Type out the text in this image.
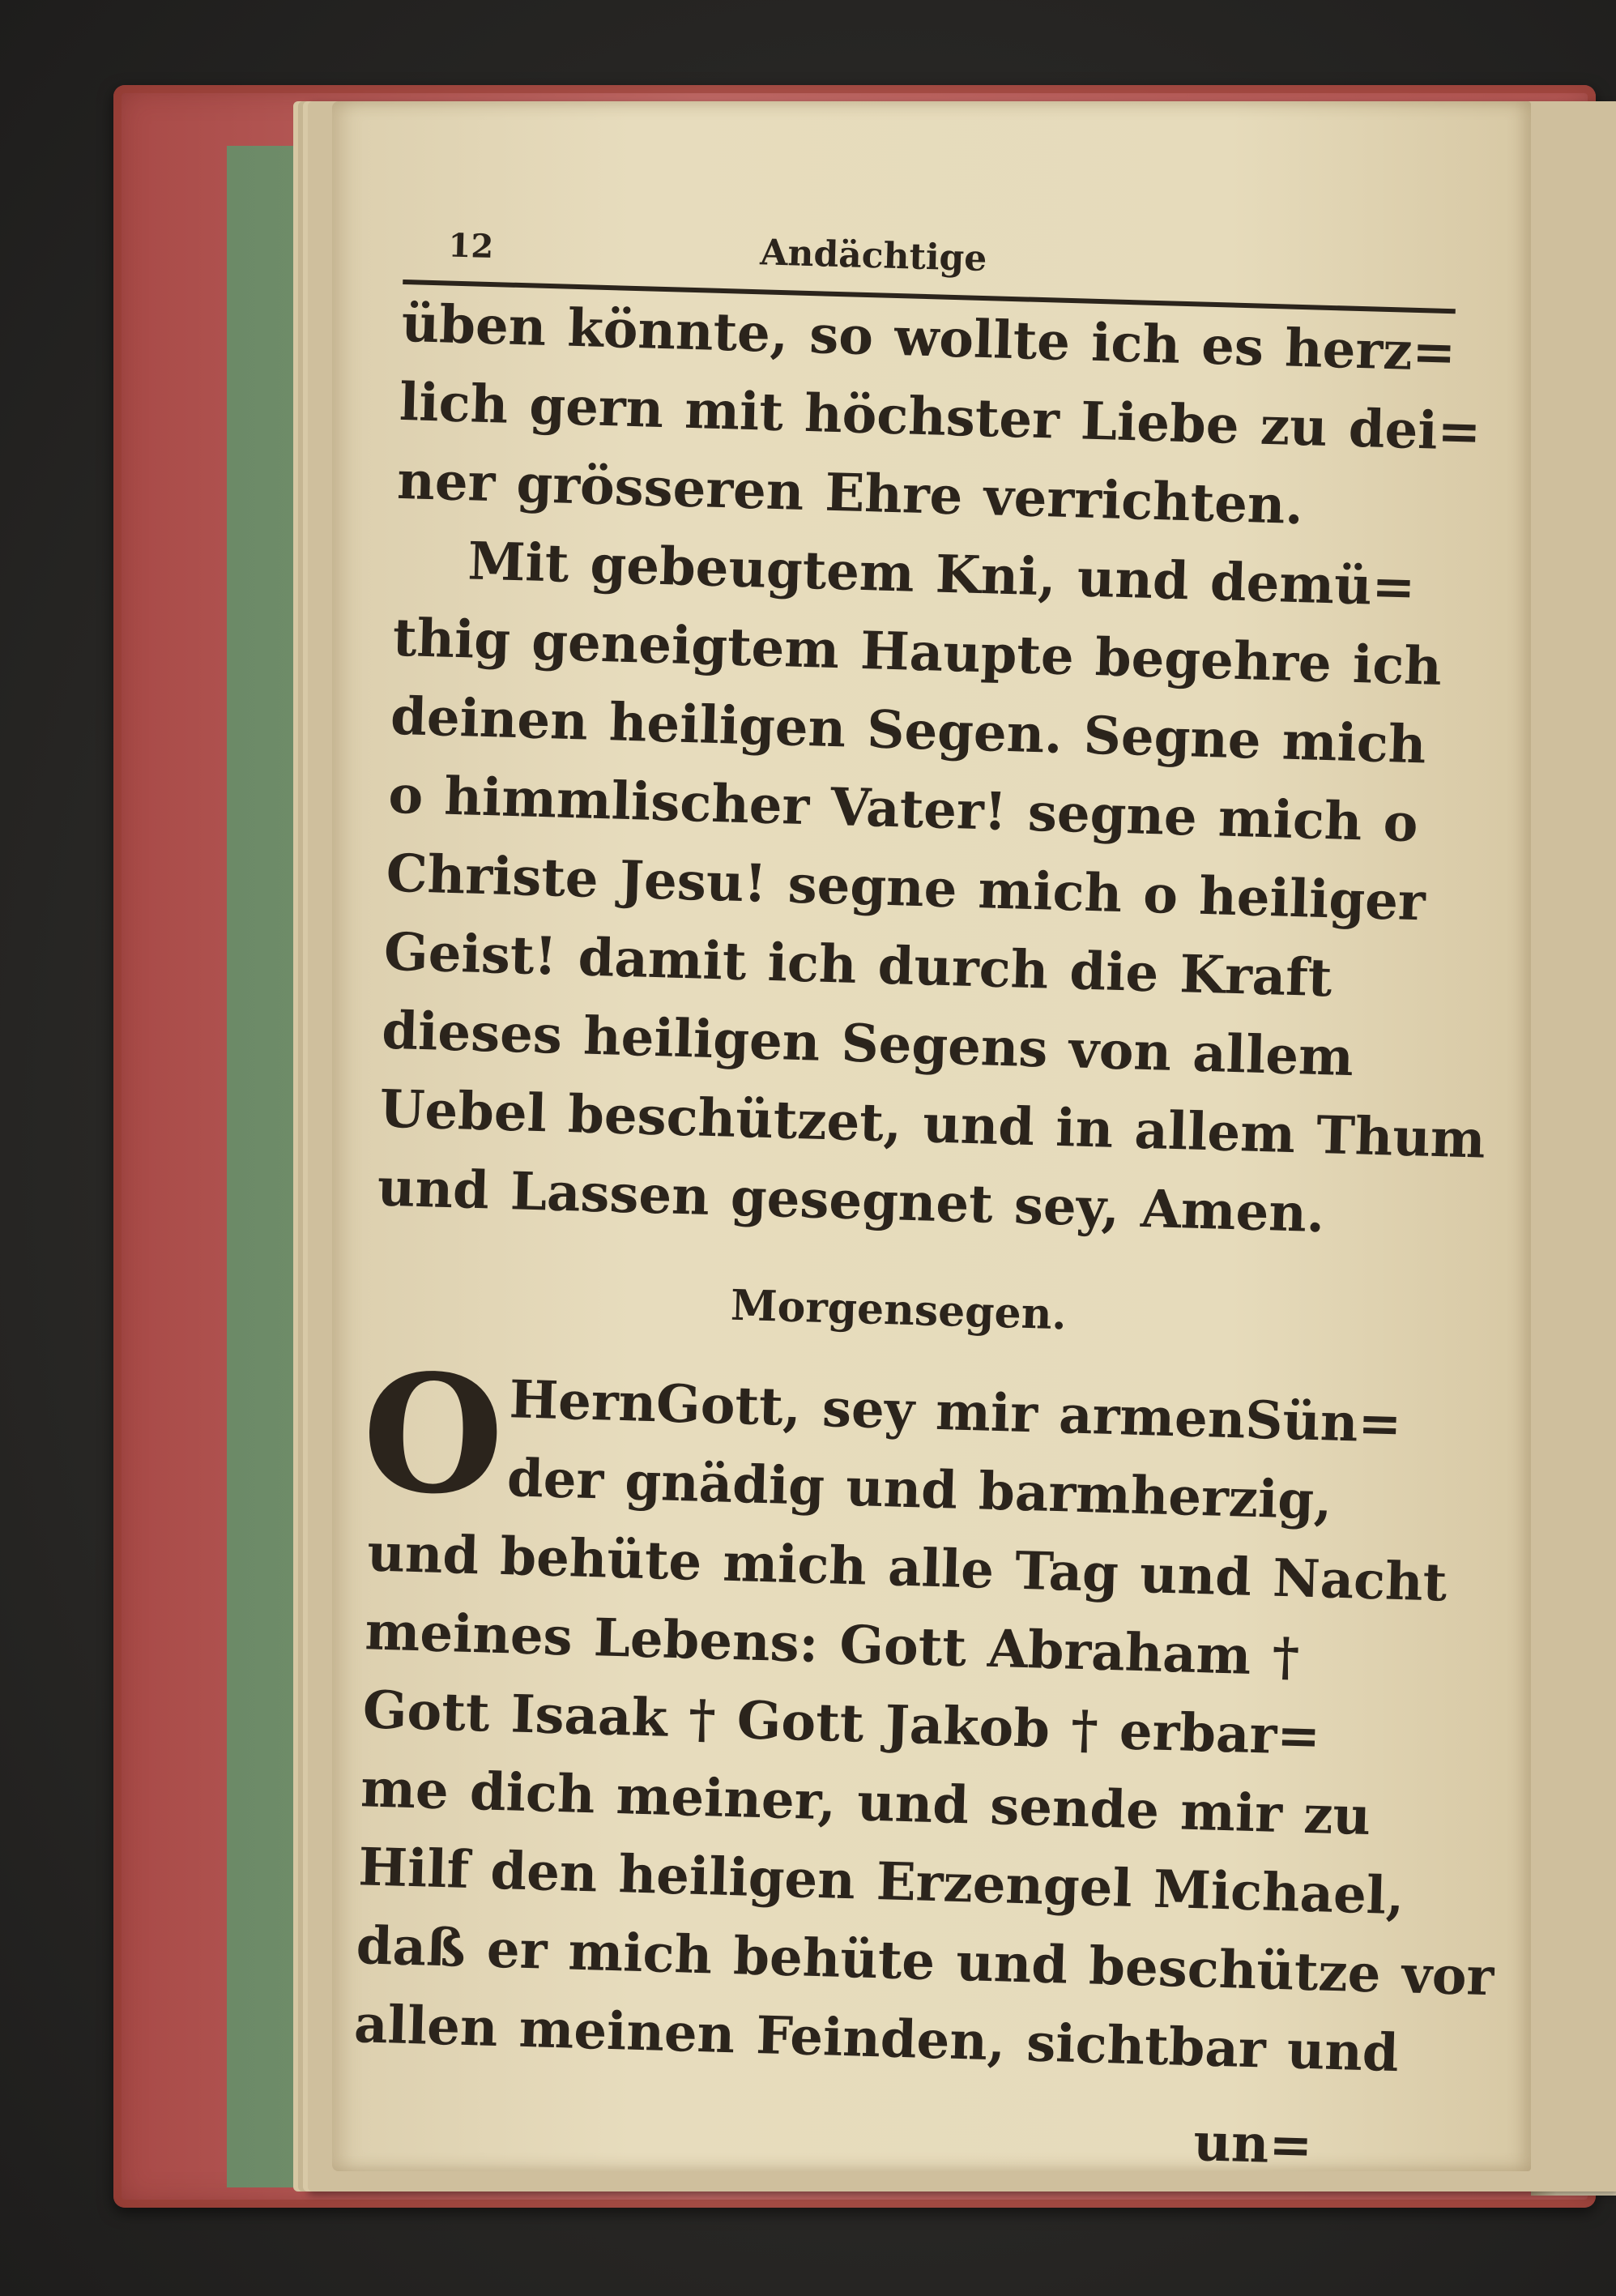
12	Andächtige
üben könnte, so wollte ich es herz=
lich gern mit höchster Liebe zu dei=
ner grösseren Ehre verrichten.
Mit gebeugtem Kni, und demü=
thig geneigtem Haupte begehre ich
deinen heiligen Segen. Segne mich
o himmlischer Vater! segne mich o
Christe Jesu! segne mich o heiliger
Geist! damit ich durch die Kraft
dieses heiligen Segens von allem
Uebel beschützet, und in allem Thum
und Lassen gesegnet sey, Amen.
Morgensegen.
O HernGott, sey mir armenSün=
der gnädig und barmherzig,
und behüte mich alle Tag und Nacht
meines Lebens: Gott Abraham †
Gott Isaak † Gott Jakob † erbar=
me dich meiner, und sende mir zu
Hilf den heiligen Erzengel Michael,
daß er mich behüte und beschütze vor
allen meinen Feinden, sichtbar und
un=
